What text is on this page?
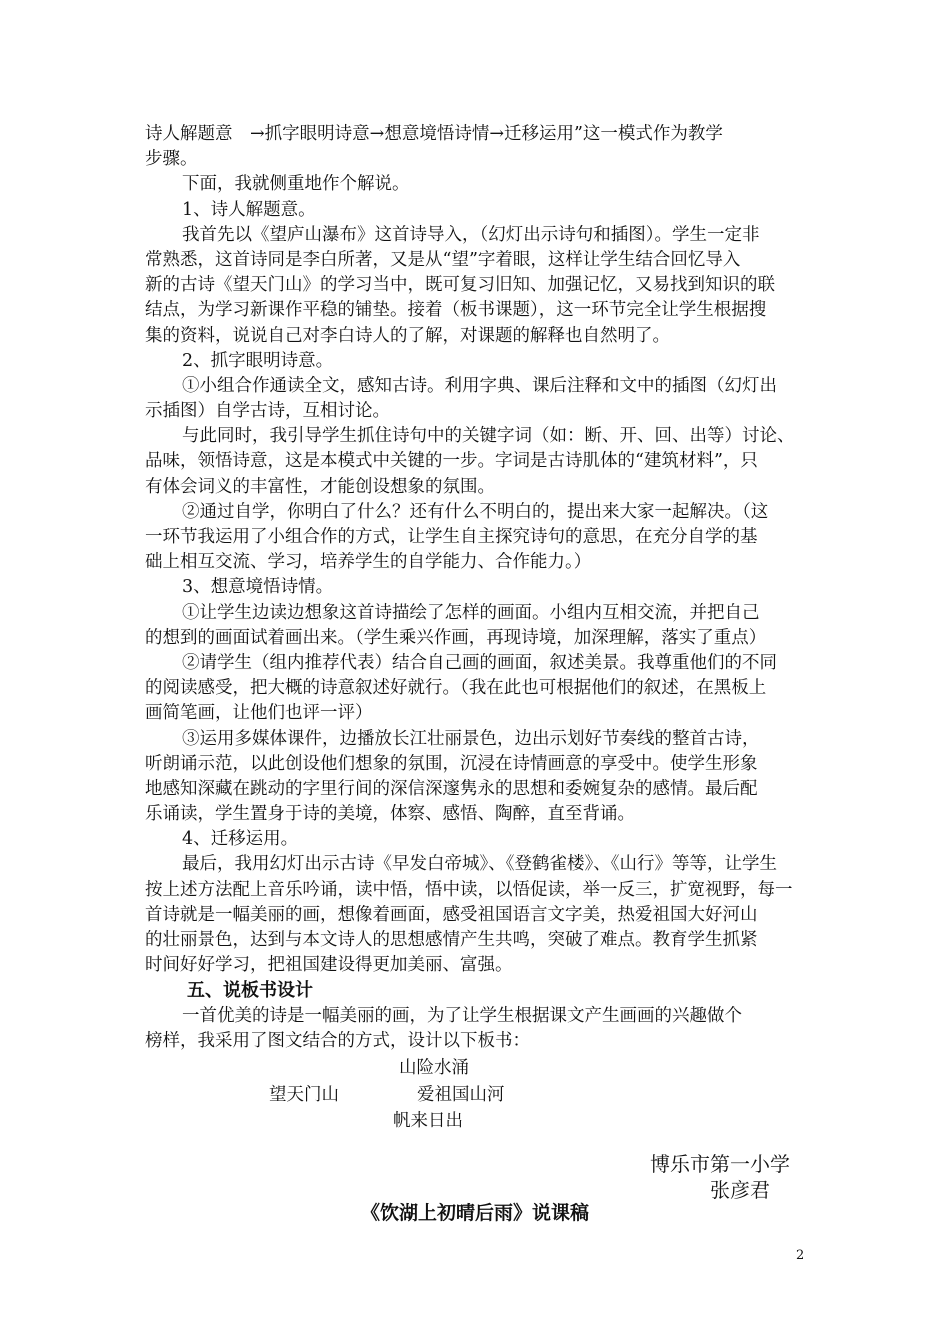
诗人解题意　→抓字眼明诗意→想意境悟诗情→迁移运用”这一模式作为教学
步骤。
下面，我就侧重地作个解说。
1、诗人解题意。
我首先以《望庐山瀑布》这首诗导入，（幻灯出示诗句和插图）。学生一定非
常熟悉，这首诗同是李白所著，又是从“望”字着眼，这样让学生结合回忆导入
新的古诗《望天门山》的学习当中，既可复习旧知、加强记忆，又易找到知识的联
结点，为学习新课作平稳的铺垫。接着（板书课题），这一环节完全让学生根据搜
集的资料，说说自己对李白诗人的了解，对课题的解释也自然明了。
2、抓字眼明诗意。
①小组合作通读全文，感知古诗。利用字典、课后注释和文中的插图（幻灯出
示插图）自学古诗，互相讨论。
与此同时，我引导学生抓住诗句中的关键字词（如：断、开、回、出等）讨论、
品味，领悟诗意，这是本模式中关键的一步。字词是古诗肌体的“建筑材料”，只
有体会词义的丰富性，才能创设想象的氛围。
②通过自学，你明白了什么？还有什么不明白的，提出来大家一起解决。（这
一环节我运用了小组合作的方式，让学生自主探究诗句的意思，在充分自学的基
础上相互交流、学习，培养学生的自学能力、合作能力。）
3、想意境悟诗情。
①让学生边读边想象这首诗描绘了怎样的画面。小组内互相交流，并把自己
的想到的画面试着画出来。（学生乘兴作画，再现诗境，加深理解，落实了重点）
②请学生（组内推荐代表）结合自己画的画面，叙述美景。我尊重他们的不同
的阅读感受，把大概的诗意叙述好就行。（我在此也可根据他们的叙述，在黑板上
画简笔画，让他们也评一评）
③运用多媒体课件，边播放长江壮丽景色，边出示划好节奏线的整首古诗，
听朗诵示范，以此创设他们想象的氛围，沉浸在诗情画意的享受中。使学生形象
地感知深藏在跳动的字里行间的深信深邃隽永的思想和委婉复杂的感情。最后配
乐诵读，学生置身于诗的美境，体察、感悟、陶醉，直至背诵。
4、迁移运用。
最后，我用幻灯出示古诗《早发白帝城》、《登鹤雀楼》、《山行》等等，让学生
按上述方法配上音乐吟诵，读中悟，悟中读，以悟促读，举一反三，扩宽视野，每一
首诗就是一幅美丽的画，想像着画面，感受祖国语言文字美，热爱祖国大好河山
的壮丽景色，达到与本文诗人的思想感情产生共鸣，突破了难点。教育学生抓紧
时间好好学习，把祖国建设得更加美丽、富强。
五、说板书设计
一首优美的诗是一幅美丽的画，为了让学生根据课文产生画画的兴趣做个
榜样，我采用了图文结合的方式，设计以下板书：
山险水涌
望天门山	爱祖国山河
帆来日出
博乐市第一小学
张彦君
《饮湖上初晴后雨》说课稿
2
